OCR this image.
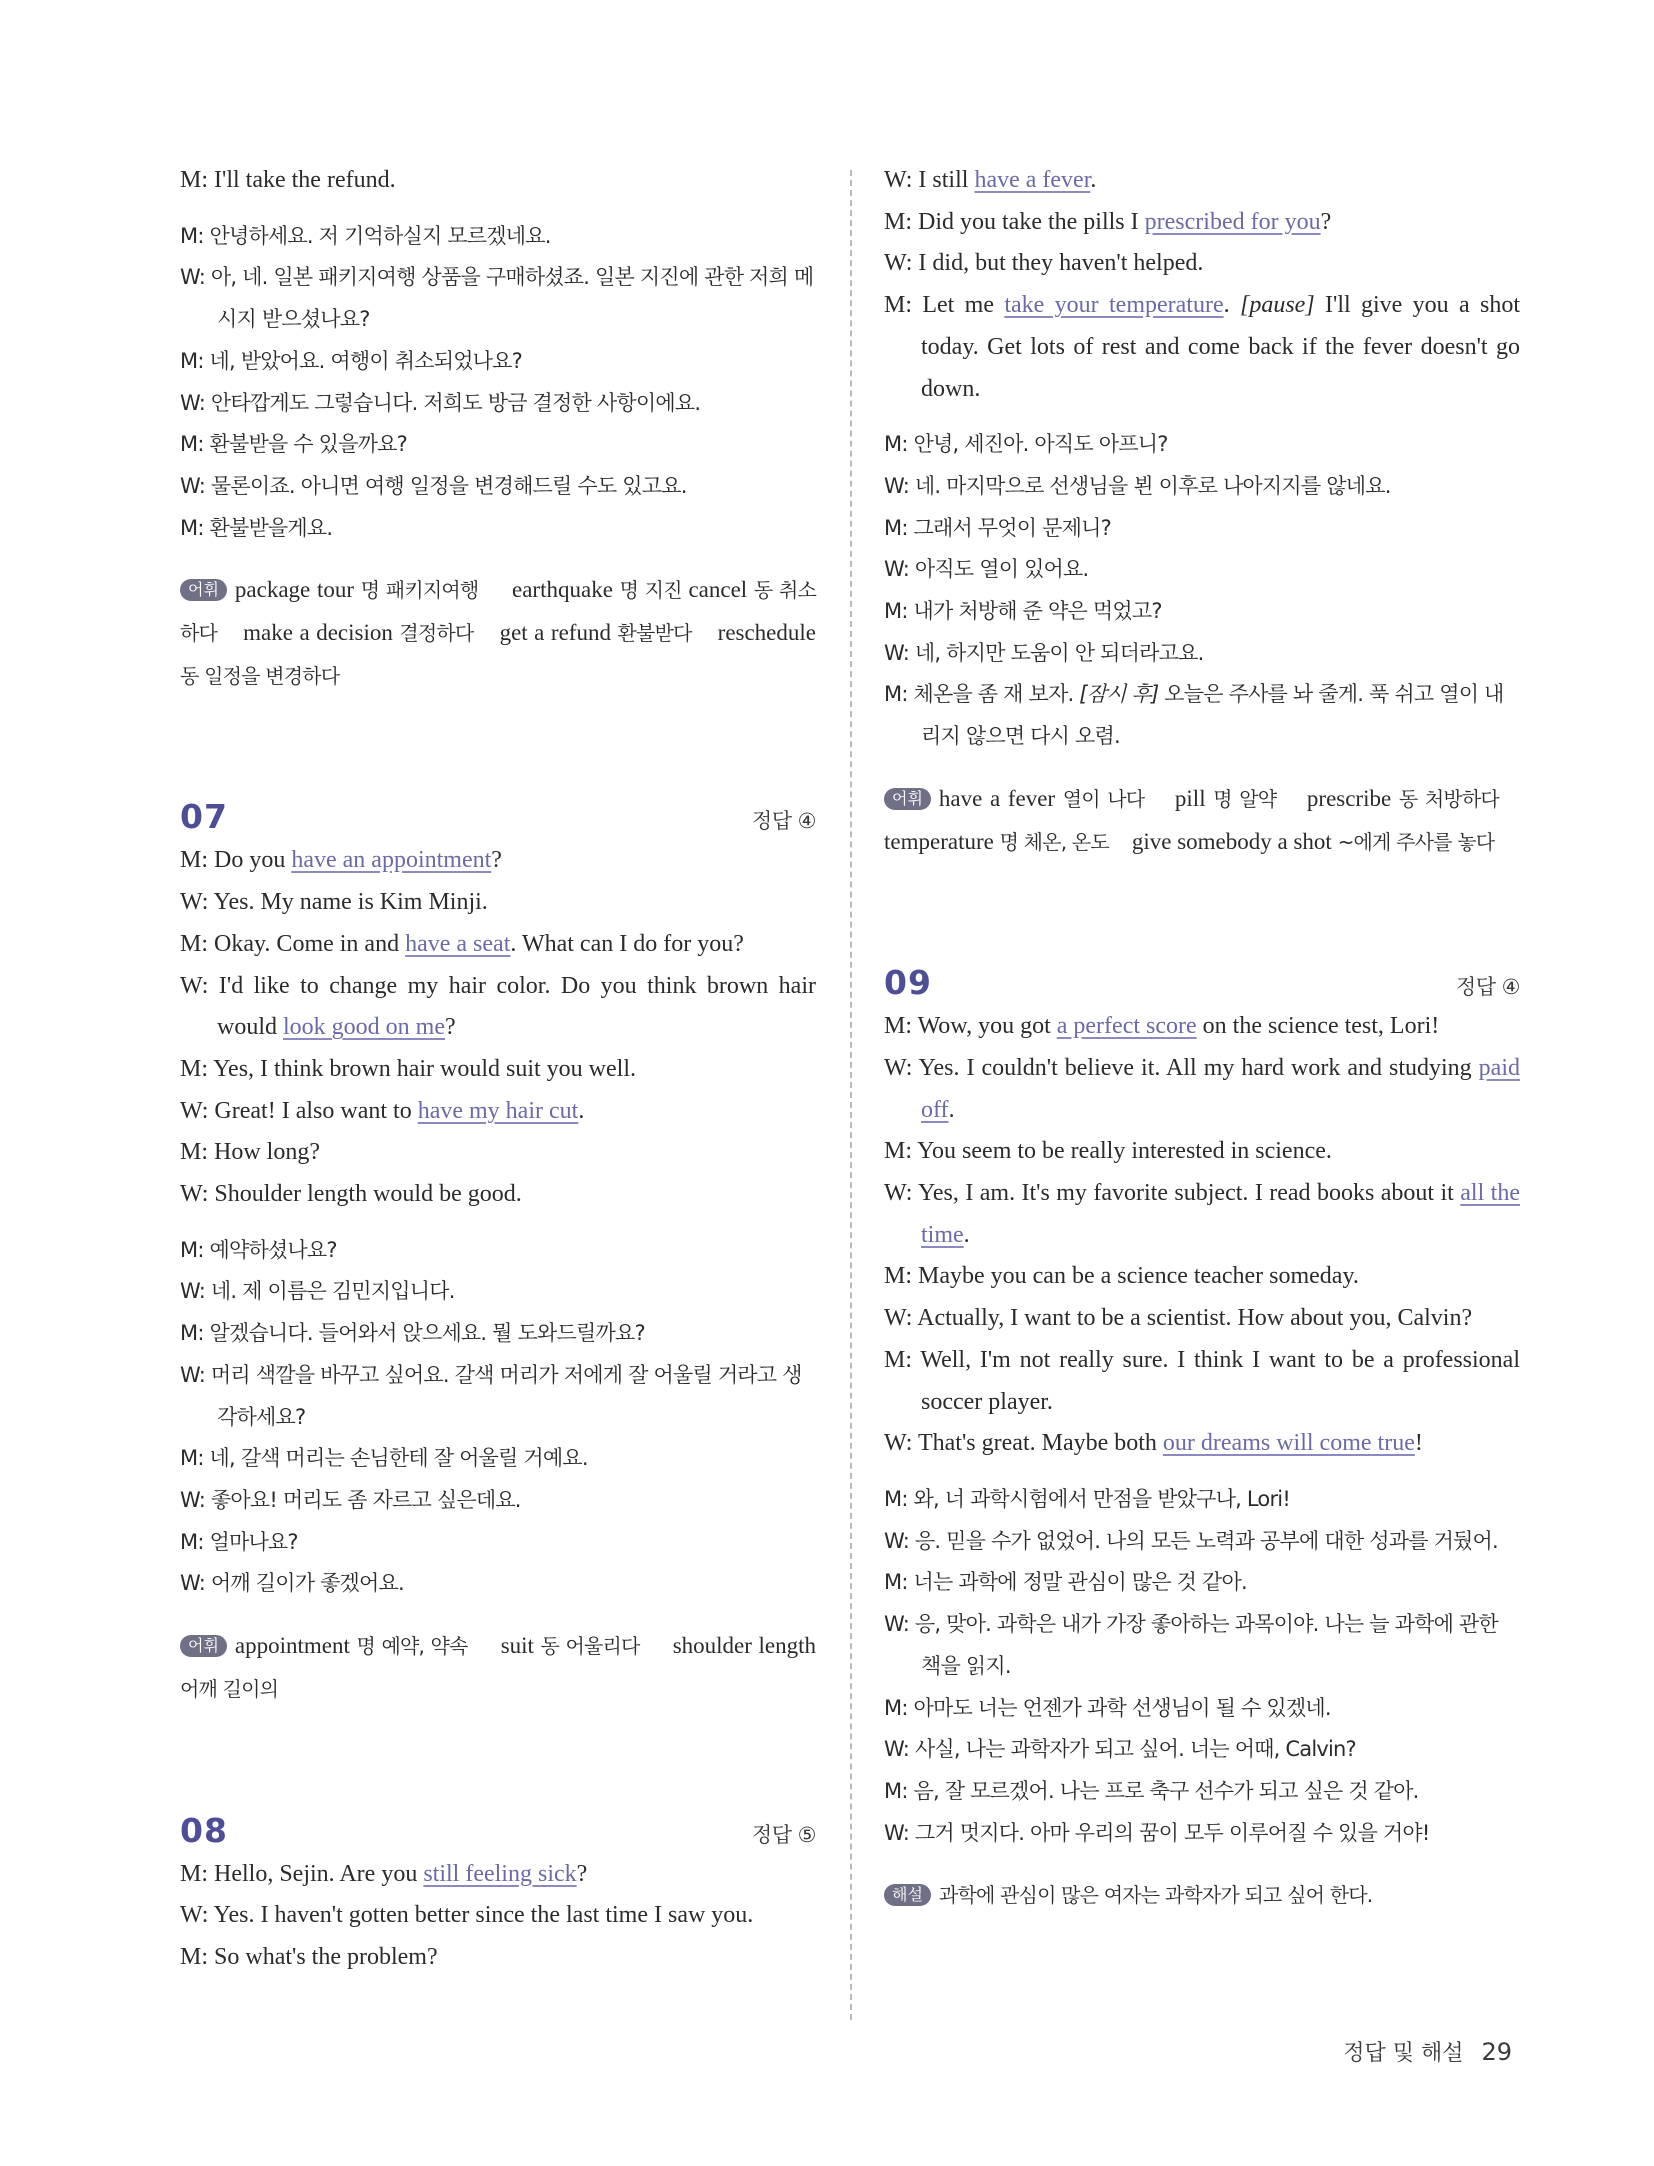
M: I'll take the refund.

M: 안녕하세요. 저 기억하실지 모르겠네요.

W: 아, 네. 일본 패키지여행 상품을 구매하셨죠. 일본 지진에 관한 저희 메시지 받으셨나요?

M: 네, 받았어요. 여행이 취소되었나요?

W: 안타깝게도 그렇습니다. 저희도 방금 결정한 사항이에요.

M: 환불받을 수 있을까요?

W: 물론이죠. 아니면 여행 일정을 변경해드릴 수도 있고요.

M: 환불받을게요.

어휘 package tour 명 패키지여행 earthquake 명 지진 cancel 동 취소하다 make a decision 결정하다 get a refund 환불받다 reschedule 동 일정을 변경하다

07	정답 ④

M: Do you have an appointment?

W: Yes. My name is Kim Minji.

M: Okay. Come in and have a seat. What can I do for you?

W: I'd like to change my hair color. Do you think brown hair would look good on me?

M: Yes, I think brown hair would suit you well.

W: Great! I also want to have my hair cut.

M: How long?

W: Shoulder length would be good.

M: 예약하셨나요?

W: 네. 제 이름은 김민지입니다.

M: 알겠습니다. 들어와서 앉으세요. 뭘 도와드릴까요?

W: 머리 색깔을 바꾸고 싶어요. 갈색 머리가 저에게 잘 어울릴 거라고 생각하세요?

M: 네, 갈색 머리는 손님한테 잘 어울릴 거예요.

W: 좋아요! 머리도 좀 자르고 싶은데요.

M: 얼마나요?

W: 어깨 길이가 좋겠어요.

어휘 appointment 명 예약, 약속 suit 동 어울리다 shoulder length 어깨 길이의

08	정답 ⑤

M: Hello, Sejin. Are you still feeling sick?

W: Yes. I haven't gotten better since the last time I saw you.

M: So what's the problem?

W: I still have a fever.

M: Did you take the pills I prescribed for you?

W: I did, but they haven't helped.

M: Let me take your temperature. [pause] I'll give you a shot today. Get lots of rest and come back if the fever doesn't go down.

M: 안녕, 세진아. 아직도 아프니?

W: 네. 마지막으로 선생님을 뵌 이후로 나아지지를 않네요.

M: 그래서 무엇이 문제니?

W: 아직도 열이 있어요.

M: 내가 처방해 준 약은 먹었고?

W: 네, 하지만 도움이 안 되더라고요.

M: 체온을 좀 재 보자. [잠시 후] 오늘은 주사를 놔 줄게. 푹 쉬고 열이 내리지 않으면 다시 오렴.

어휘 have a fever 열이 나다 pill 명 알약 prescribe 동 처방하다    temperature 명 체온, 온도 give somebody a shot ~에게 주사를 놓다

09	정답 ④

M: Wow, you got a perfect score on the science test, Lori!

W: Yes. I couldn't believe it. All my hard work and studying paid off.

M: You seem to be really interested in science.

W: Yes, I am. It's my favorite subject. I read books about it all the time.

M: Maybe you can be a science teacher someday.

W: Actually, I want to be a scientist. How about you, Calvin?

M: Well, I'm not really sure. I think I want to be a professional soccer player.

W: That's great. Maybe both our dreams will come true!

M: 와, 너 과학시험에서 만점을 받았구나, Lori!

W: 응. 믿을 수가 없었어. 나의 모든 노력과 공부에 대한 성과를 거뒀어.

M: 너는 과학에 정말 관심이 많은 것 같아.

W: 응, 맞아. 과학은 내가 가장 좋아하는 과목이야. 나는 늘 과학에 관한 책을 읽지.

M: 아마도 너는 언젠가 과학 선생님이 될 수 있겠네.

W: 사실, 나는 과학자가 되고 싶어. 너는 어때, Calvin?

M: 음, 잘 모르겠어. 나는 프로 축구 선수가 되고 싶은 것 같아.

W: 그거 멋지다. 아마 우리의 꿈이 모두 이루어질 수 있을 거야!

해설 과학에 관심이 많은 여자는 과학자가 되고 싶어 한다.

정답 및 해설 29
